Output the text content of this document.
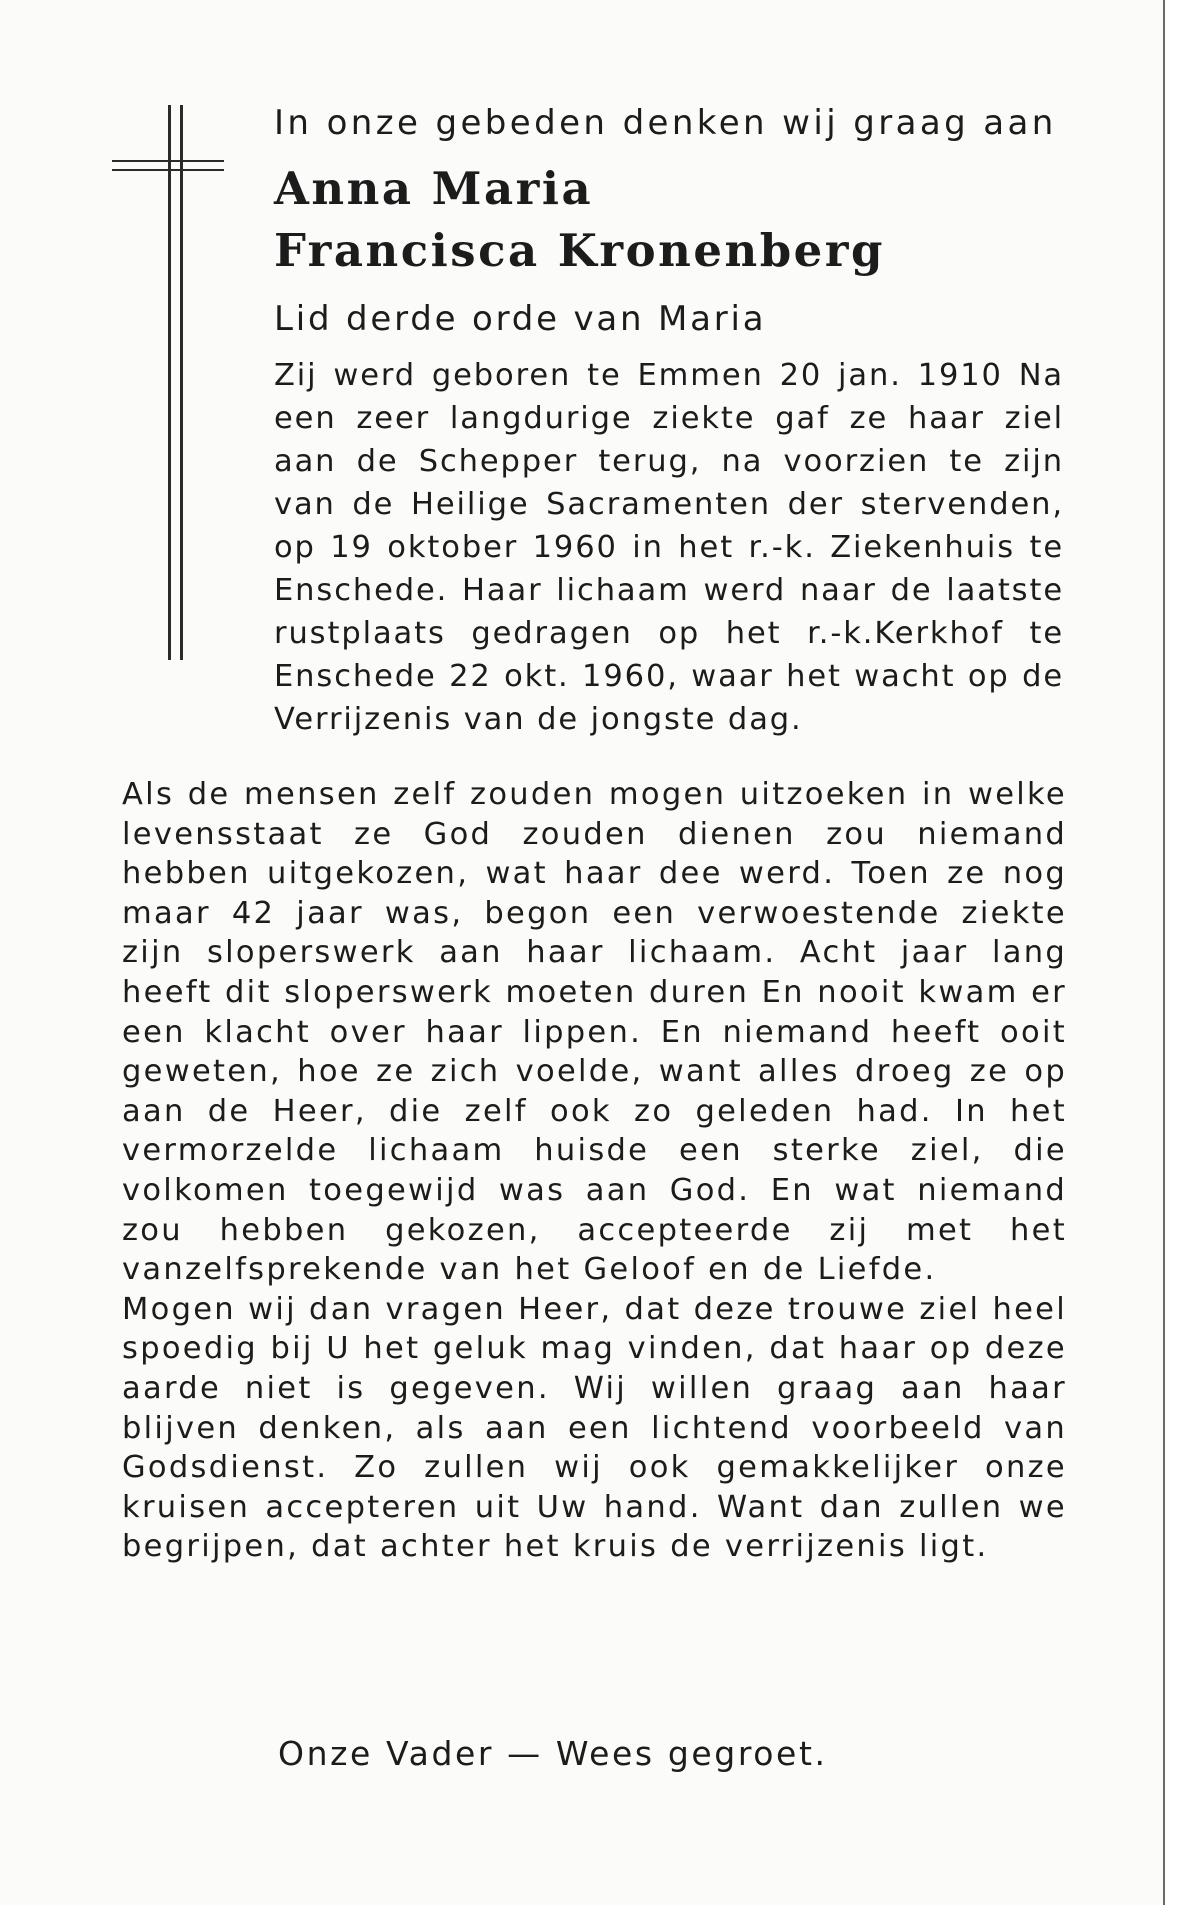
In onze gebeden denken wij graag aan

Anna Maria

Francisca Kronenberg

Lid derde orde van Maria

Zij werd geboren te Emmen 20 jan. 1910 Na een zeer langdurige ziekte gaf ze haar ziel aan de Schepper terug, na voorzien te zijn van de Heilige Sacramenten der stervenden, op 19 oktober 1960 in het r.-k. Ziekenhuis te Enschede. Haar lichaam werd naar de laatste rustplaats gedragen op het r.-k.Kerkhof te Enschede 22 okt. 1960, waar het wacht op de Verrijzenis van de jongste dag.

Als de mensen zelf zouden mogen uitzoeken in welke levensstaat ze God zouden dienen zou niemand hebben uitgekozen, wat haar dee werd. Toen ze nog maar 42 jaar was, begon een verwoestende ziekte zijn sloperswerk aan haar lichaam. Acht jaar lang heeft dit sloperswerk moeten duren En nooit kwam er een klacht over haar lippen. En niemand heeft ooit geweten, hoe ze zich voelde, want alles droeg ze op aan de Heer, die zelf ook zo geleden had. In het vermorzelde lichaam huisde een sterke ziel, die volkomen toegewijd was aan God. En wat niemand zou hebben gekozen, accepteerde zij met het vanzelfsprekende van het Geloof en de Liefde.

Mogen wij dan vragen Heer, dat deze trouwe ziel heel spoedig bij U het geluk mag vinden, dat haar op deze aarde niet is gegeven. Wij willen graag aan haar blijven denken, als aan een lichtend voorbeeld van Godsdienst. Zo zullen wij ook gemakkelijker onze kruisen accepteren uit Uw hand. Want dan zullen we begrijpen, dat achter het kruis de verrijzenis ligt.

Onze Vader — Wees gegroet.
